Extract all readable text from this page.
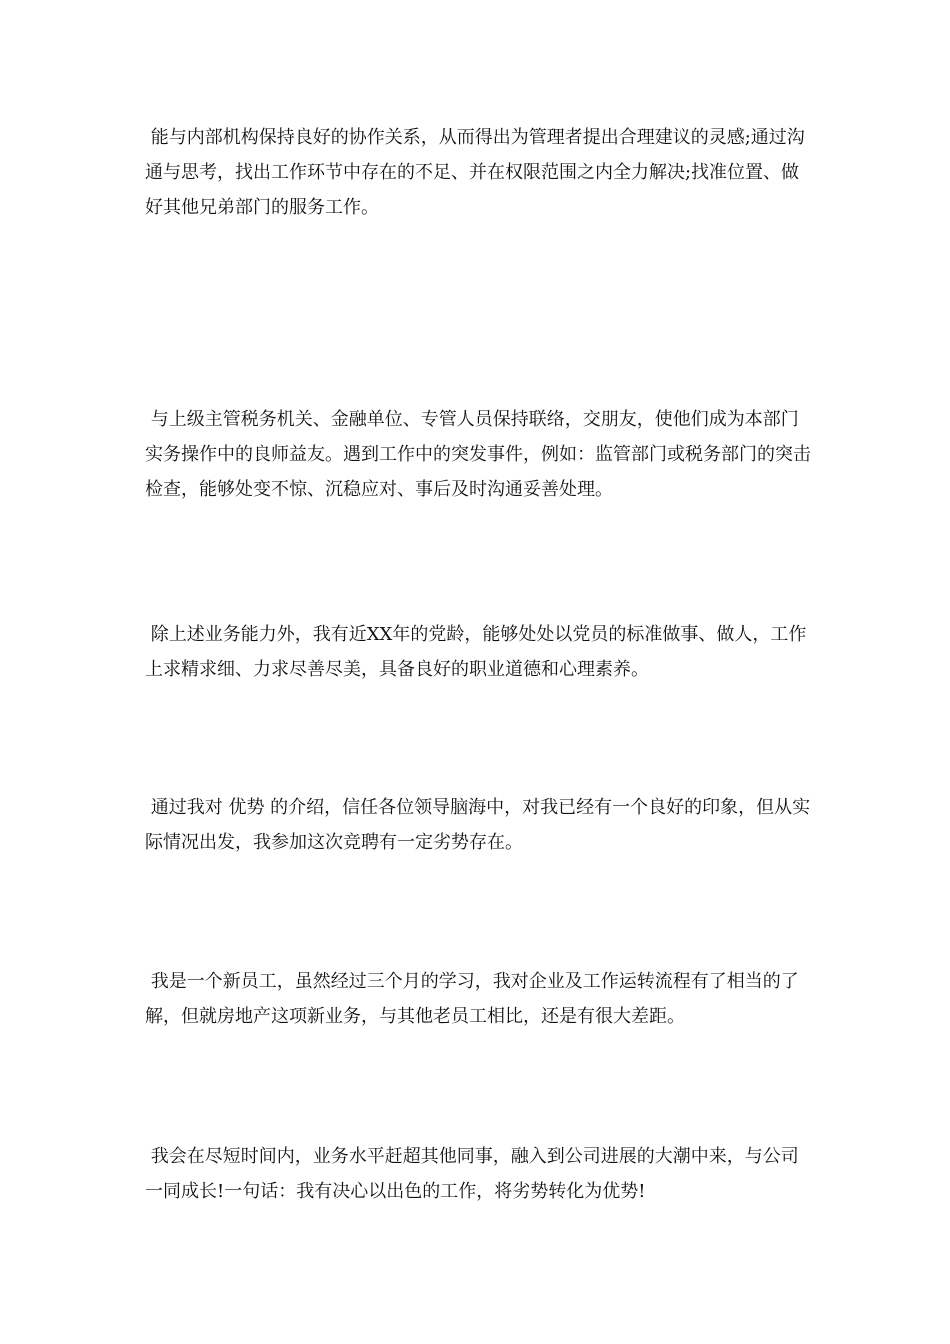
能与内部机构保持良好的协作关系，从而得出为管理者提出合理建议的灵感;通过沟通与思考，找出工作环节中存在的不足、并在权限范围之内全力解决;找准位置、做好其他兄弟部门的服务工作。

与上级主管税务机关、金融单位、专管人员保持联络，交朋友，使他们成为本部门实务操作中的良师益友。遇到工作中的突发事件，例如：监管部门或税务部门的突击检查，能够处变不惊、沉稳应对、事后及时沟通妥善处理。

除上述业务能力外，我有近XX年的党龄，能够处处以党员的标准做事、做人，工作上求精求细、力求尽善尽美，具备良好的职业道德和心理素养。

通过我对 优势 的介绍，信任各位领导脑海中，对我已经有一个良好的印象，但从实际情况出发，我参加这次竞聘有一定劣势存在。

我是一个新员工，虽然经过三个月的学习，我对企业及工作运转流程有了相当的了解，但就房地产这项新业务，与其他老员工相比，还是有很大差距。

我会在尽短时间内，业务水平赶超其他同事，融入到公司进展的大潮中来，与公司一同成长!一句话：我有决心以出色的工作，将劣势转化为优势!
